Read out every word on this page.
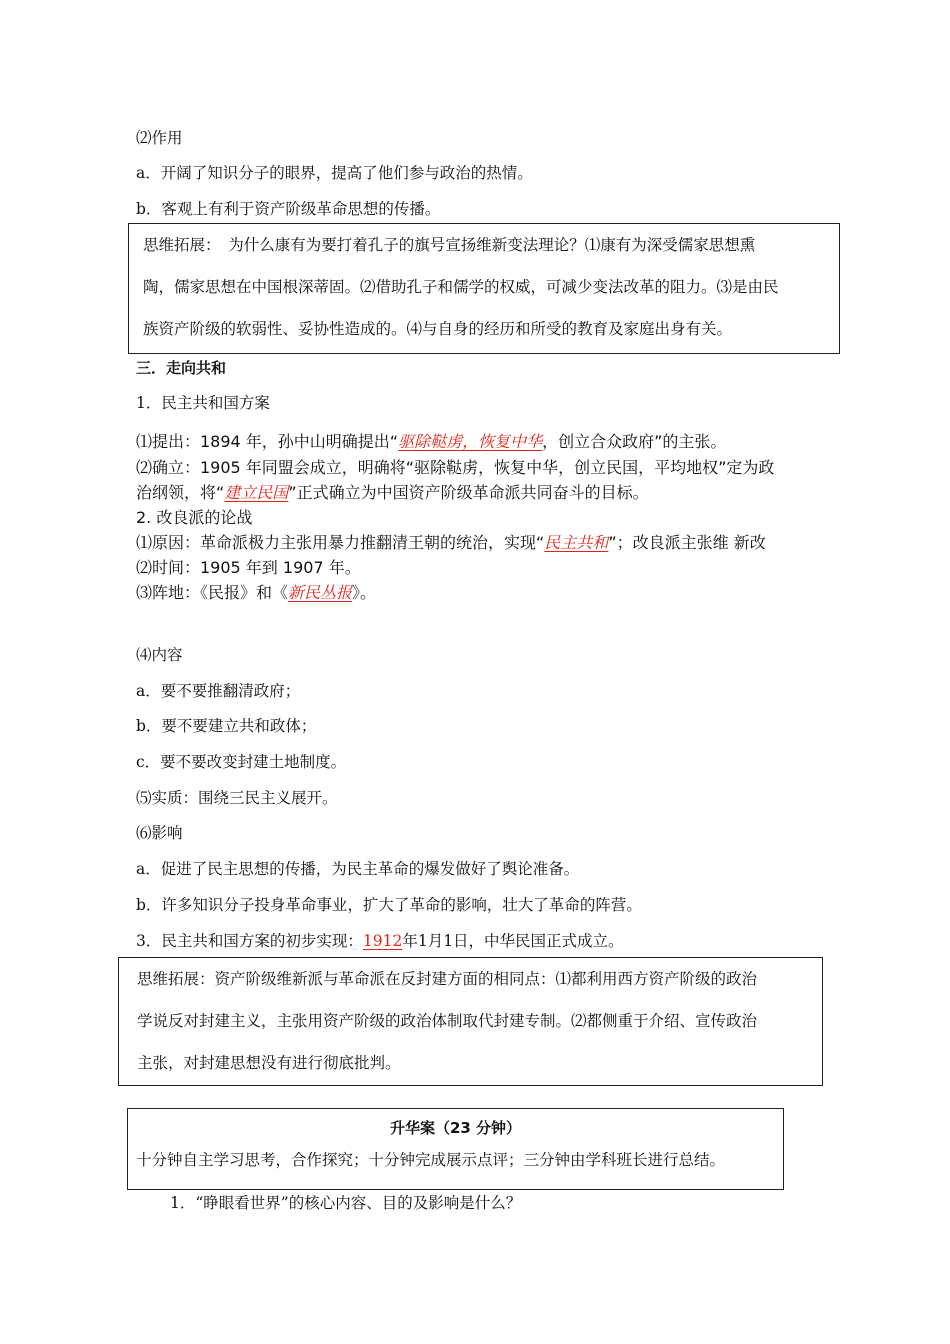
⑵作用
a．开阔了知识分子的眼界，提高了他们参与政治的热情。
b．客观上有利于资产阶级革命思想的传播。
思维拓展：　为什么康有为要打着孔子的旗号宣扬维新变法理论？⑴康有为深受儒家思想熏
陶，儒家思想在中国根深蒂固。⑵借助孔子和儒学的权威，可减少变法改革的阻力。⑶是由民
族资产阶级的软弱性、妥协性造成的。⑷与自身的经历和所受的教育及家庭出身有关。
三．走向共和
1．民主共和国方案
⑴提出：1894 年，孙中山明确提出“驱除鞑虏，恢复中华，创立合众政府”的主张。
⑵确立：1905 年同盟会成立，明确将“驱除鞑虏，恢复中华，创立民国，平均地权”定为政
治纲领，将“建立民国”正式确立为中国资产阶级革命派共同奋斗的目标。
2. 改良派的论战
⑴原因：革命派极力主张用暴力推翻清王朝的统治，实现“民主共和”；改良派主张维 新改
⑵时间：1905 年到 1907 年。
⑶阵地：《民报》和《新民丛报》。
⑷内容
a．要不要推翻清政府；
b．要不要建立共和政体；
c．要不要改变封建土地制度。
⑸实质：围绕三民主义展开。
⑹影响
a．促进了民主思想的传播，为民主革命的爆发做好了舆论准备。
b．许多知识分子投身革命事业，扩大了革命的影响，壮大了革命的阵营。
3．民主共和国方案的初步实现：1912年1月1日，中华民国正式成立。
思维拓展：资产阶级维新派与革命派在反封建方面的相同点：⑴都利用西方资产阶级的政治
学说反对封建主义，主张用资产阶级的政治体制取代封建专制。⑵都侧重于介绍、宣传政治
主张，对封建思想没有进行彻底批判。
升华案（23 分钟）
十分钟自主学习思考，合作探究；十分钟完成展示点评；三分钟由学科班长进行总结。
1．“睁眼看世界”的核心内容、目的及影响是什么？
